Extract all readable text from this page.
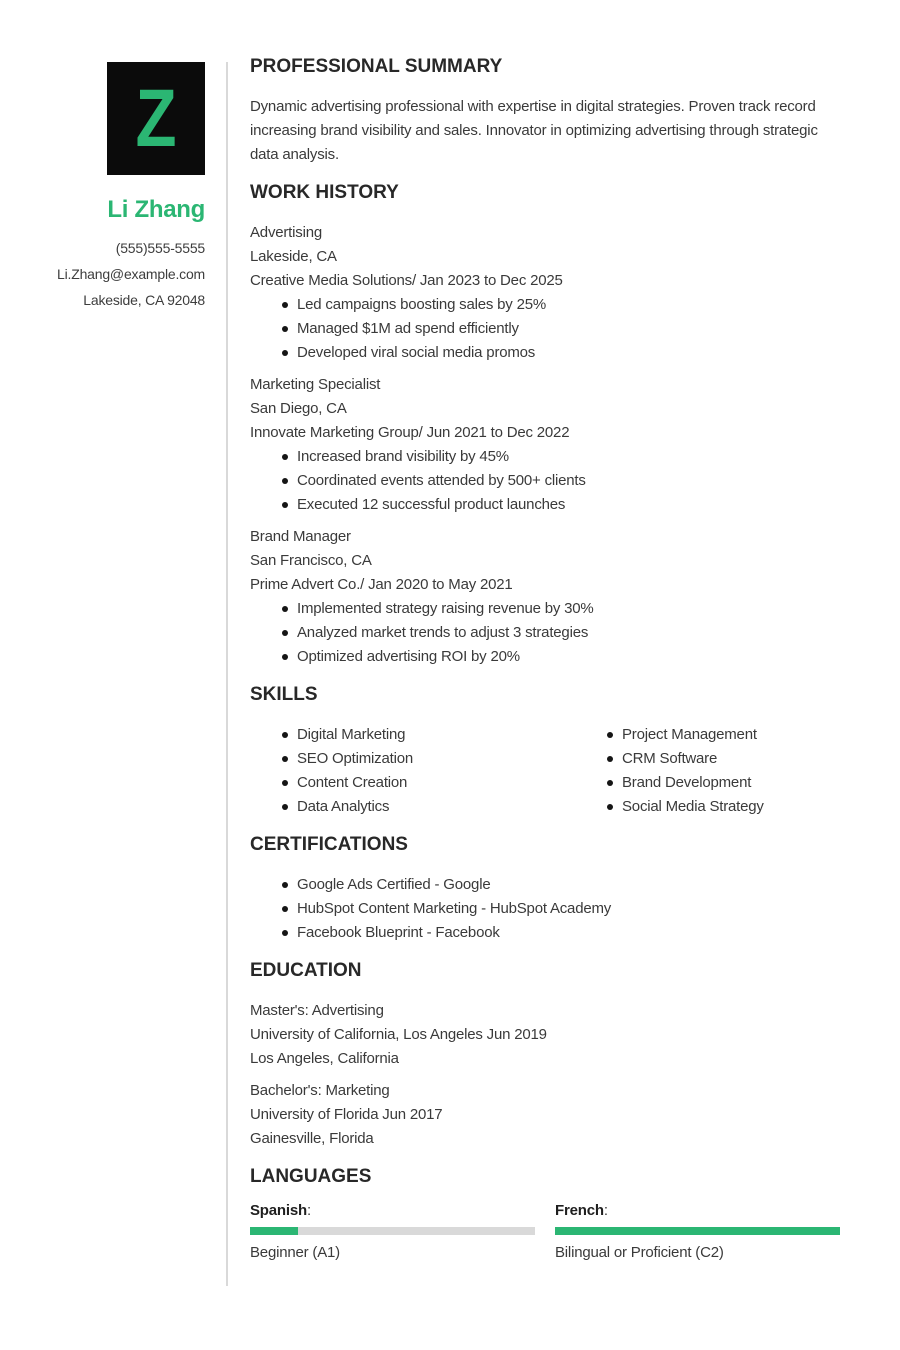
Z
Li Zhang
(555)555-5555
Li.Zhang@example.com
Lakeside, CA 92048
PROFESSIONAL SUMMARY

Dynamic advertising professional with expertise in digital strategies. Proven track record increasing brand visibility and sales. Innovator in optimizing advertising through strategic data analysis.

WORK HISTORY
Advertising
Lakeside, CA
Creative Media Solutions/ Jan 2023 to Dec 2025
Led campaigns boosting sales by 25%
Managed $1M ad spend efficiently
Developed viral social media promos
Marketing Specialist
San Diego, CA
Innovate Marketing Group/ Jun 2021 to Dec 2022
Increased brand visibility by 45%
Coordinated events attended by 500+ clients
Executed 12 successful product launches
Brand Manager
San Francisco, CA
Prime Advert Co./ Jan 2020 to May 2021
Implemented strategy raising revenue by 30%
Analyzed market trends to adjust 3 strategies
Optimized advertising ROI by 20%
SKILLS
Digital Marketing
SEO Optimization
Content Creation
Data Analytics
Project Management
CRM Software
Brand Development
Social Media Strategy
CERTIFICATIONS
Google Ads Certified - Google
HubSpot Content Marketing - HubSpot Academy
Facebook Blueprint - Facebook
EDUCATION
Master's: Advertising
University of California, Los Angeles Jun 2019
Los Angeles, California
Bachelor's: Marketing
University of Florida Jun 2017
Gainesville, Florida
LANGUAGES
Spanish:
Beginner (A1)
French:
Bilingual or Proficient (C2)
